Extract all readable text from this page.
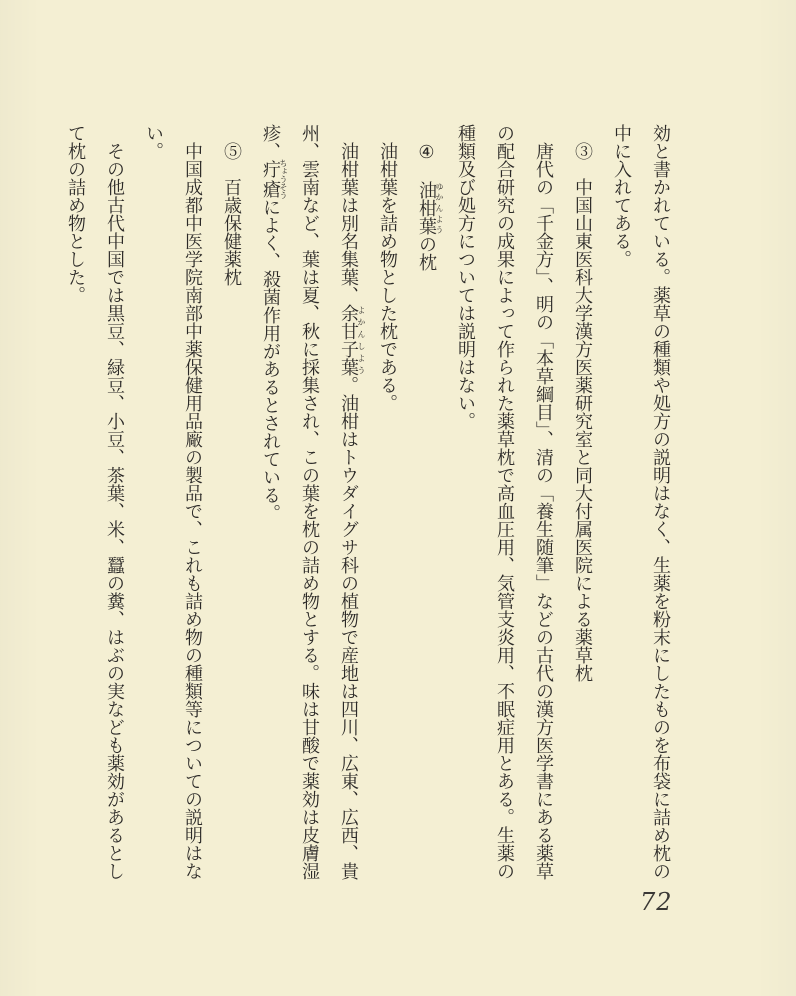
効と書かれている。薬草の種類や処方の説明はなく、生薬を粉末にしたものを布袋に詰め枕の
中に入れてある。
③　中国山東医科大学漢方医薬研究室と同大付属医院による薬草枕
唐代の「千金方」、明の「本草綱目」、清の「養生随筆」などの古代の漢方医学書にある薬草
の配合研究の成果によって作られた薬草枕で高血圧用、気管支炎用、不眠症用とある。生薬の
種類及び処方については説明はない。
④　油柑葉ゆかんようの枕
油柑葉を詰め物とした枕である。
油柑葉は別名集葉、余甘子葉よかんしよう。油柑はトウダイグサ科の植物で産地は四川、広東、広西、貴
州、雲南など、葉は夏、秋に採集され、この葉を枕の詰め物とする。味は甘酸で薬効は皮膚湿
疹、疔瘡ちょうそうによく、殺菌作用があるとされている。
⑤　百歳保健薬枕
中国成都中医学院南部中薬保健用品廠の製品で、これも詰め物の種類等についての説明はな
い。
その他古代中国では黒豆、緑豆、小豆、茶葉、米、蠶の糞、はぶの実なども薬効があるとし
て枕の詰め物とした。
72
